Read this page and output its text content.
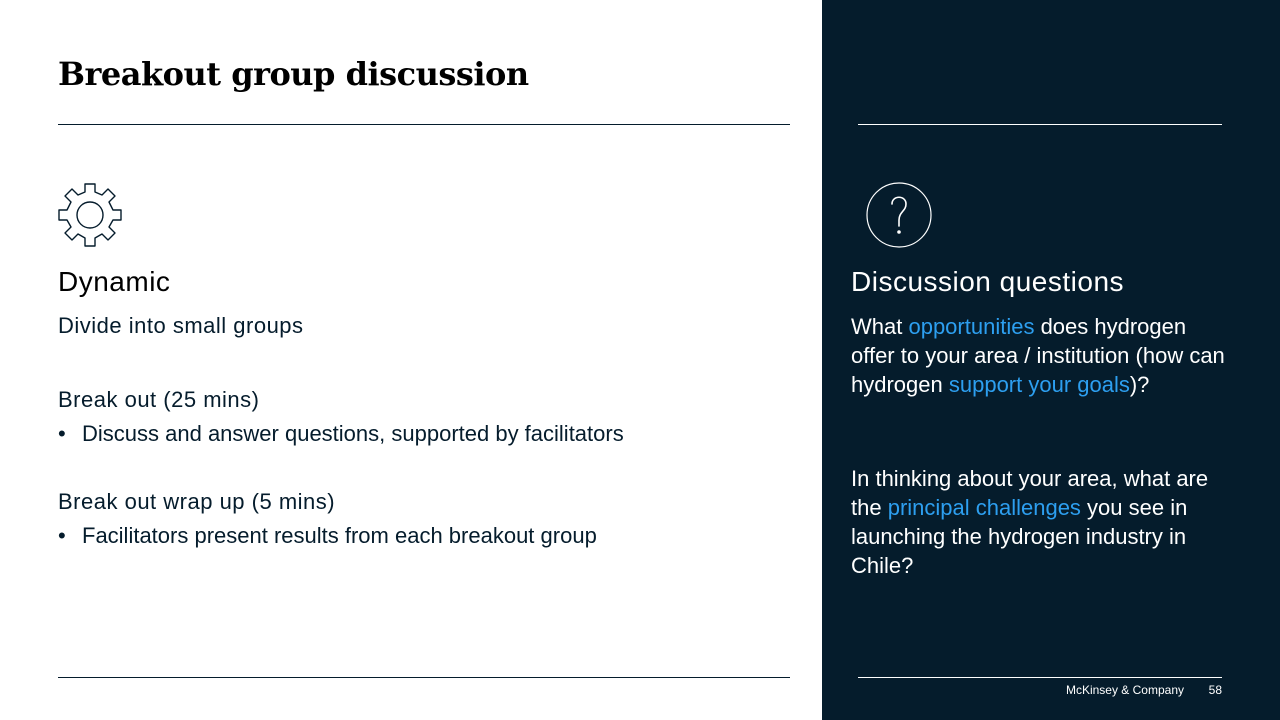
Breakout group discussion
Dynamic

Divide into small groups

Break out (25 mins)

• Discuss and answer questions, supported by facilitators

Break out wrap up (5 mins)

• Facilitators present results from each breakout group
Discussion questions

What opportunities does hydrogen offer to your area / institution (how can hydrogen support your goals)?

In thinking about your area, what are the principal challenges you see in launching the hydrogen industry in Chile?

McKinsey & Company 58
